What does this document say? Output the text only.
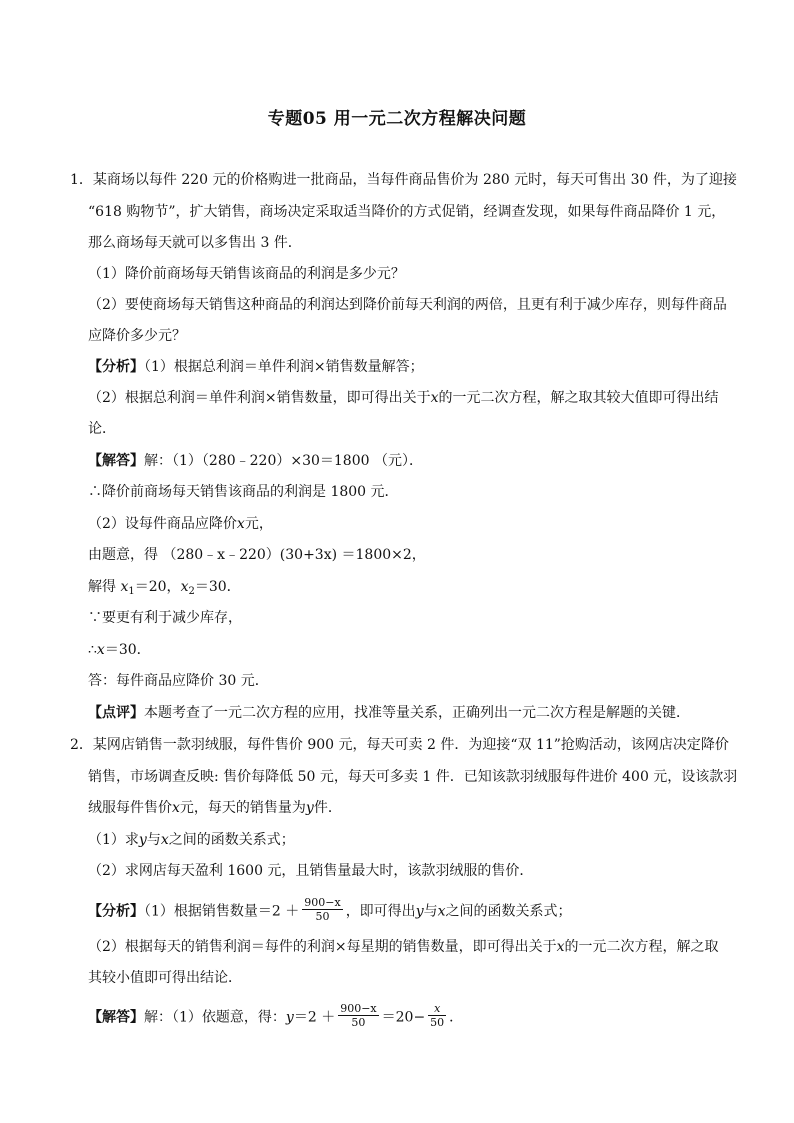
专题05 用一元二次方程解决问题
1．某商场以每件 220 元的价格购进一批商品，当每件商品售价为 280 元时，每天可售出 30 件，为了迎接
“618 购物节”，扩大销售，商场决定采取适当降价的方式促销，经调查发现，如果每件商品降价 1 元，
那么商场每天就可以多售出 3 件．
（1）降价前商场每天销售该商品的利润是多少元？
（2）要使商场每天销售这种商品的利润达到降价前每天利润的两倍，且更有利于减少库存，则每件商品
应降价多少元？
【分析】（1）根据总利润＝单件利润×销售数量解答；
（2）根据总利润＝单件利润×销售数量，即可得出关于x的一元二次方程，解之取其较大值即可得出结
论．
【解答】解：（1）（280﹣220）×30＝1800 （元）．
∴降价前商场每天销售该商品的利润是 1800 元．
（2）设每件商品应降价x元，
由题意，得 （280﹣x﹣220）(30+3x) ＝1800×2，
解得 $x_1=20$，$x_2=30$．
∵要更有利于减少库存，
∴x＝30．
答：每件商品应降价 30 元．
【点评】本题考查了一元二次方程的应用，找准等量关系，正确列出一元二次方程是解题的关键．
2．某网店销售一款羽绒服，每件售价 900 元，每天可卖 2 件．为迎接“双 11”抢购活动，该网店决定降价
销售，市场调查反映: 售价每降低 50 元，每天可多卖 1 件．已知该款羽绒服每件进价 400 元，设该款羽
绒服每件售价x元，每天的销售量为y件．
（1）求y与x之间的函数关系式；
（2）求网店每天盈利 1600 元，且销售量最大时，该款羽绒服的售价．
【分析】（1）根据销售数量$=2 + \frac{900-x}{50}$ ，即可得出y与x之间的函数关系式；
（2）根据每天的销售利润＝每件的利润×每星期的销售数量，即可得出关于x的一元二次方程，解之取
其较小值即可得出结论．
【解答】解：（1）依题意，得：$y=2 + \frac{900-x}{50} =20- \frac{x}{50}$ ．
